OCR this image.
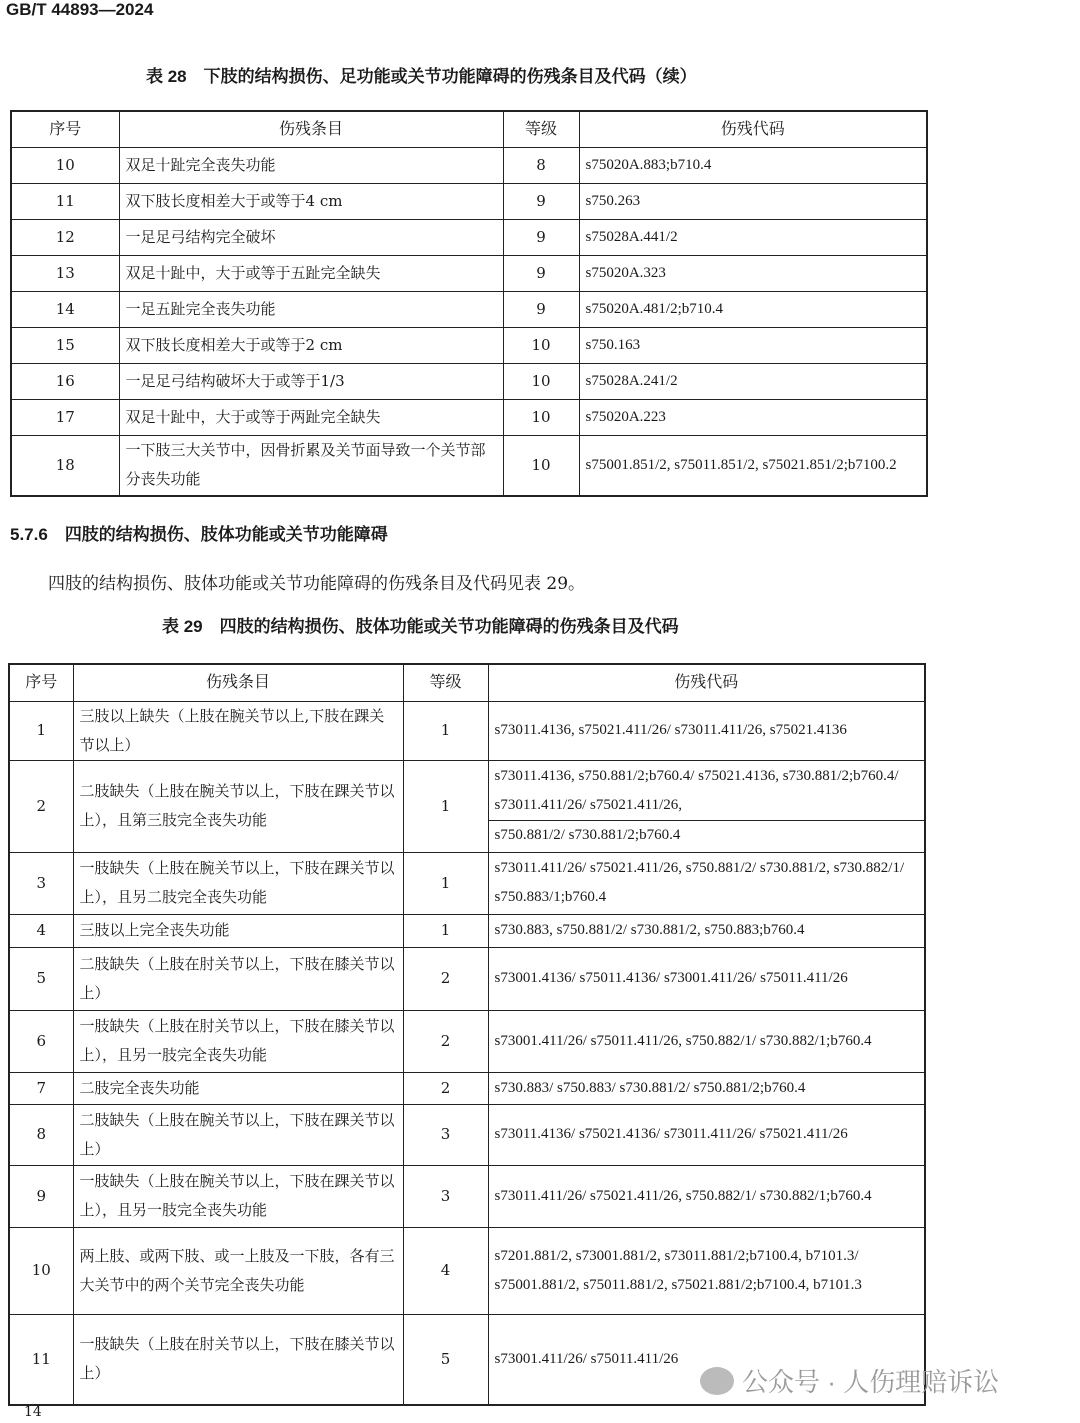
GB/T 44893—2024
表 28　下肢的结构损伤、足功能或关节功能障碍的伤残条目及代码（续）
序号	伤残条目	等级	伤残代码
10	双足十趾完全丧失功能	8	s75020A.883;b710.4

11	双下肢长度相差大于或等于4 cm	9	s750.263

12	一足足弓结构完全破坏	9	s75028A.441/2

13	双足十趾中，大于或等于五趾完全缺失	9	s75020A.323

14	一足五趾完全丧失功能	9	s75020A.481/2;b710.4

15	双下肢长度相差大于或等于2 cm	10	s750.163

16	一足足弓结构破坏大于或等于1/3	10	s75028A.241/2

17	双足十趾中，大于或等于两趾完全缺失	10	s75020A.223

18	一下肢三大关节中，因骨折累及关节面导致一个关节部分丧失功能	10	s75001.851/2, s75011.851/2, s75021.851/2;b7100.2
5.7.6　 四肢的结构损伤、肢体功能或关节功能障碍
四肢的结构损伤、肢体功能或关节功能障碍的伤残条目及代码见表 29。
表 29　四肢的结构损伤、肢体功能或关节功能障碍的伤残条目及代码
序号	伤残条目	等级	伤残代码
1	三肢以上缺失（上肢在腕关节以上,下肢在踝关节以上）	1	s73011.4136, s75021.411/26/ s73011.411/26, s75021.4136

2	二肢缺失（上肢在腕关节以上，下肢在踝关节以上），且第三肢完全丧失功能	1	s73011.4136, s750.881/2;b760.4/ s75021.4136, s730.881/2;b760.4/ s73011.411/26/ s75021.411/26,
s750.881/2/ s730.881/2;b760.4

3	一肢缺失（上肢在腕关节以上，下肢在踝关节以上），且另二肢完全丧失功能	1	s73011.411/26/ s75021.411/26, s750.881/2/ s730.881/2, s730.882/1/ s750.883/1;b760.4

4	三肢以上完全丧失功能	1	s730.883, s750.881/2/ s730.881/2, s750.883;b760.4

5	二肢缺失（上肢在肘关节以上，下肢在膝关节以上）	2	s73001.4136/ s75011.4136/ s73001.411/26/ s75011.411/26

6	一肢缺失（上肢在肘关节以上，下肢在膝关节以上），且另一肢完全丧失功能	2	s73001.411/26/ s75011.411/26, s750.882/1/ s730.882/1;b760.4

7	二肢完全丧失功能	2	s730.883/ s750.883/ s730.881/2/ s750.881/2;b760.4

8	二肢缺失（上肢在腕关节以上，下肢在踝关节以上）	3	s73011.4136/ s75021.4136/ s73011.411/26/ s75021.411/26

9	一肢缺失（上肢在腕关节以上，下肢在踝关节以上），且另一肢完全丧失功能	3	s73011.411/26/ s75021.411/26, s750.882/1/ s730.882/1;b760.4

10	两上肢、或两下肢、或一上肢及一下肢，各有三大关节中的两个关节完全丧失功能	4	s7201.881/2, s73001.881/2, s73011.881/2;b7100.4, b7101.3/ s75001.881/2, s75011.881/2, s75021.881/2;b7100.4, b7101.3

11	一肢缺失（上肢在肘关节以上，下肢在膝关节以上）	5	s73001.411/26/ s75011.411/26
14
公众号 · 人伤理赔诉讼
